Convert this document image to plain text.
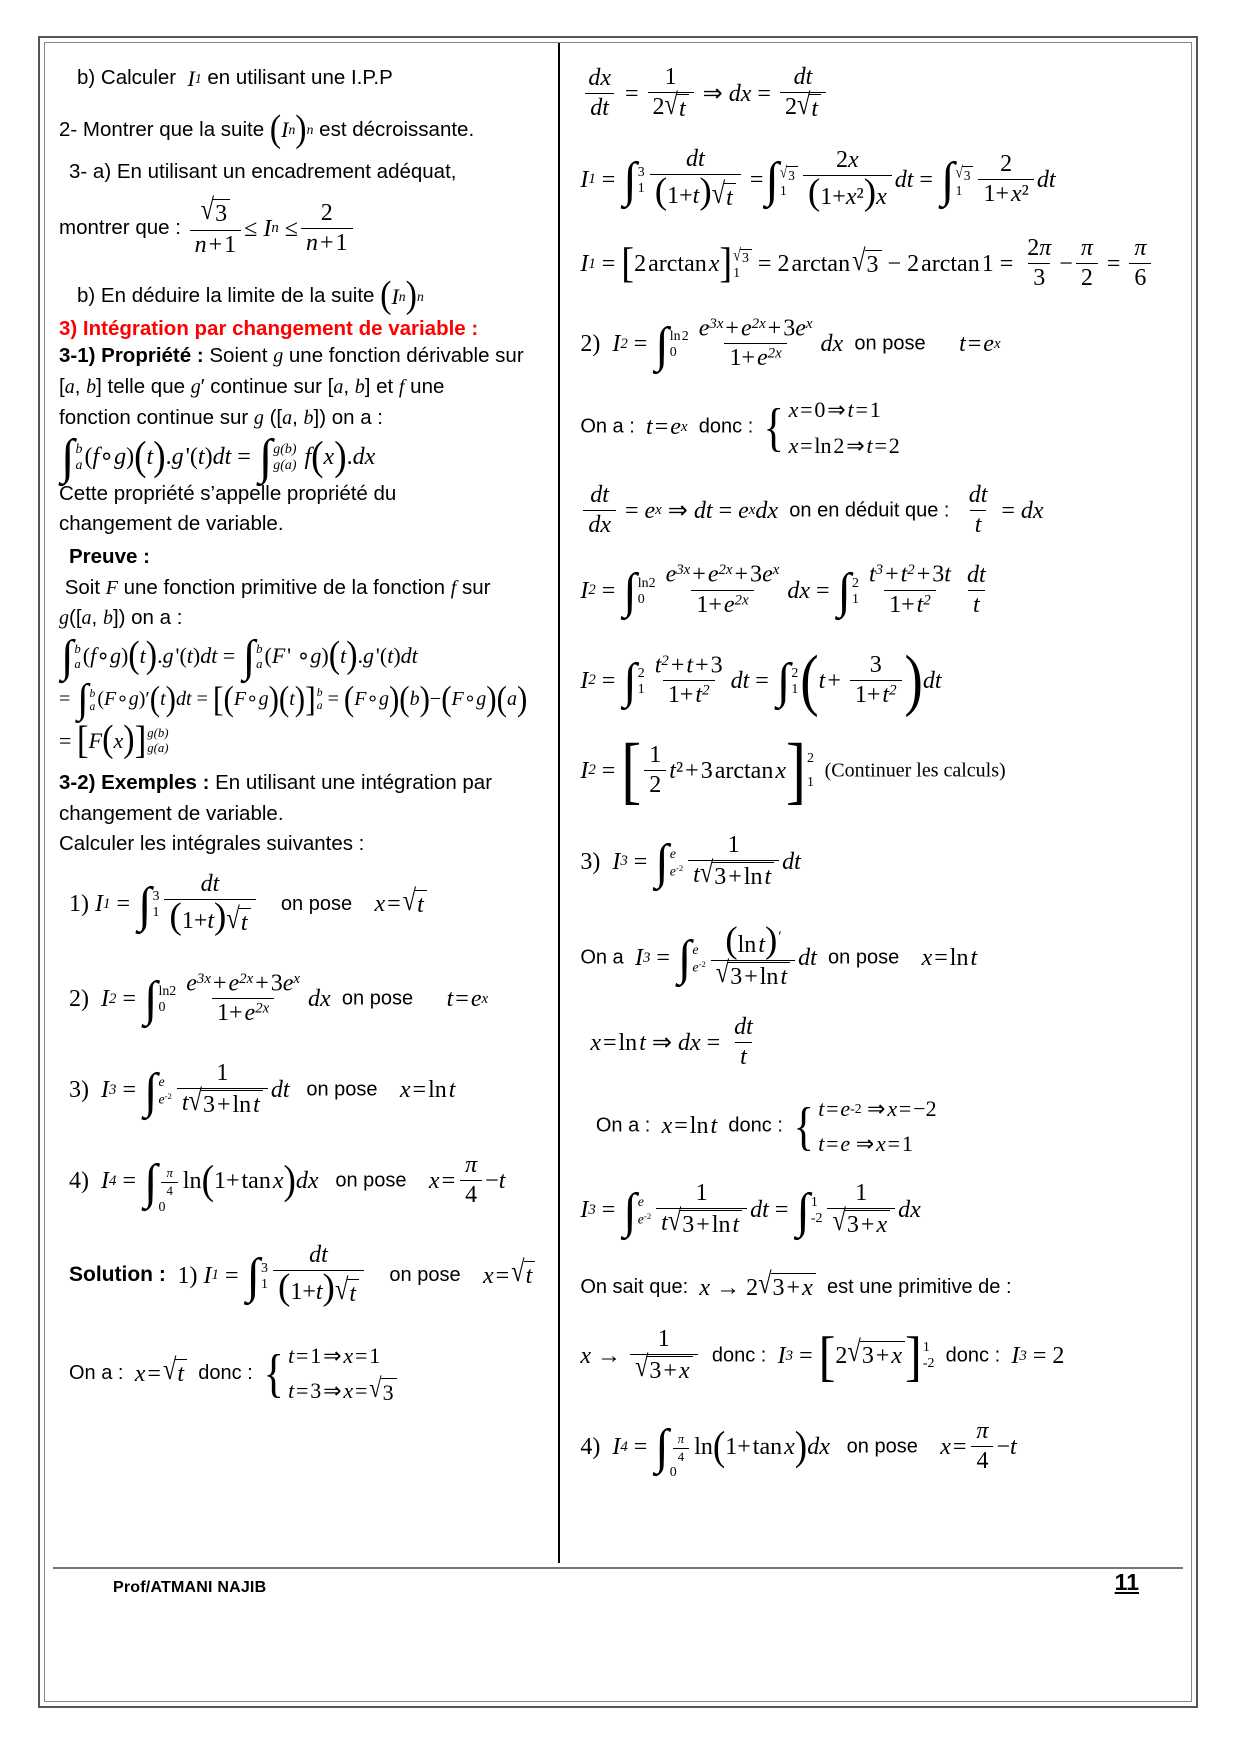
b) Calculer I 1 en utilisant une I.P.P
2- Montrer que la suite ( I n ) n est décroissante.
3- a) En utilisant un encadrement adéquat,
montrer que : $\frac{√ 3}{n + 1} \le I$ $n \le \frac{2}{n + 1}$
b) En déduire la limite de la suite ( I n ) n
3) Intégration par changement de variable :
3-1) Propriété : Soient g une fonction dérivable sur
[a, b] telle que g′ continue sur [a, b] et f une
fonction continue sur g ([a, b]) on a :
∫ b
a ( f ∘ g ) ( t ) . g  '( t ) dt = ∫ g(b)
g(a) f ( x ) . dx
Cette propriété s’appelle propriété du
changement de variable.
Preuve :
Soit F une fonction primitive de la fonction f sur
g([a, b]) on a :
∫ b
a ( f ∘ g ) ( t ) . g  '( t ) dt = ∫ b
a ( F  ' ∘ g ) ( t ) . g  '( t ) dt
= ∫ b
a ( F ∘ g )′ ( t ) dt = [ ( F ∘ g ) ( t ) ] b
a = ( F ∘ g ) ( b ) − ( F ∘ g ) ( a )
= [ F ( x ) ] g(b)
g(a)
3-2) Exemples : En utilisant une intégration par
changement de variable.
Calculer les intégrales suivantes :
1) I 1 = ∫ 3
$1 \frac{dt}{(1+t) √ t}$ on pose x  =  √ t
2) I 2 = ∫ ln2
$0 \frac{e^{3x} + e^{2x} + 3e^x}{1+ e^{2x}}$ dx on pose t  =  e x
3) I 3 = ∫ e
$e^{-2} \frac{1}{\text{t √ 3 + ln t}}$ dt on pose x  = ln  t
4) I 4 = ∫ $\frac{\pi}{4}$
0
ln ( 1+ tan  x ) dx on pose x  =  $\frac{\pi}{4} - t$
Solution : 1) I 1 = ∫ 3
$1 \frac{dt}{(1+t) √ t}$ on pose x  =  √ t
On a : x  =  √ t donc : { t  = 1 ⇒  x  = 1
t  = 3 ⇒  x  =  √ 3
$\frac{dx}{dt} = \frac{1}{2 √ t}$ ⇒ dx = $\frac{dt}{2 √ t}$
I 1 = ∫ 3
$1 \frac{dt}{(1+t) √ t}$ = ∫ √ 3
$1 \frac{2x}{\text{(1+x²)x}}$ dt = ∫ √ 3
$1 \frac{2}{\text{1+ x²}}$ dt
I 1 = [ 2 arctan  x ] √ 3
1 = 2 arctan  √ 3 − 2 arctan $1 = \frac{2\pi}{3} - \frac{\pi}{2} = \frac{\pi}{6}$
2) I 2 = ∫ ln 2
$0 \frac{e^{3x} + e^{2x} + 3e^x}{1+ e^{2x}}$ dx on pose t  =  e x
On a : t  =  e x donc : { x  = 0 ⇒  t  = 1
x  = ln 2 ⇒  t  = 2
$\frac{dt}{dx} = e$ x ⇒ dt = e x dx on en déduit que : $\frac{dt}{t}$ = dx
I 2 = ∫ ln2
$0 \frac{e^{3x} + e^{2x} + 3e^x}{1+ e^{2x}}$ dx = ∫ 2
$1 \frac{t^3 + t^2 + 3t}{1+ t^2} \frac{dt}{t}$
I 2 = ∫ 2
$1 \frac{t^2 + t + 3}{1+ t^2}$ dt = ∫ 2
1 ( t  + $\frac{3}{1+ t^2}$ ) dt
I 2 = [ $\frac{1}{2}$ t ² + 3 arctan  x ] 2
1
(Continuer les calculs)
3) I 3 = ∫ e
$e^{-2} \frac{1}{\text{t √ 3 + ln t}}$ dt
On a I 3 = ∫ e
$e^{-2} \frac{(\ln t)'}{\text{√ 3 + ln t}}$ dt on pose x  = ln  t
x  = ln  t ⇒ dx = $\frac{dt}{t}$
On a : x  = ln  t donc : { t  =  e -2 ⇒  x  = −2
t  =  e ⇒  x  = 1
I 3 = ∫ e
$e^{-2} \frac{1}{\text{t √ 3 + ln t}}$ dt = ∫ 1
$-2 \frac{1}{√ 3 + x}$ dx
On sait que: x → 2 √ 3 + x est une primitive de :
$x \to \frac{1}{√ 3 + x}$ donc : I 3 = [ 2 √ 3 + x ] 1
-2 donc : I 3 = 2
4) I 4 = ∫ $\frac{\pi}{4}$
0
ln ( 1+ tan  x ) dx on pose x  =  $\frac{\pi}{4} - t$
Prof/ATMANI NAJIB	11
